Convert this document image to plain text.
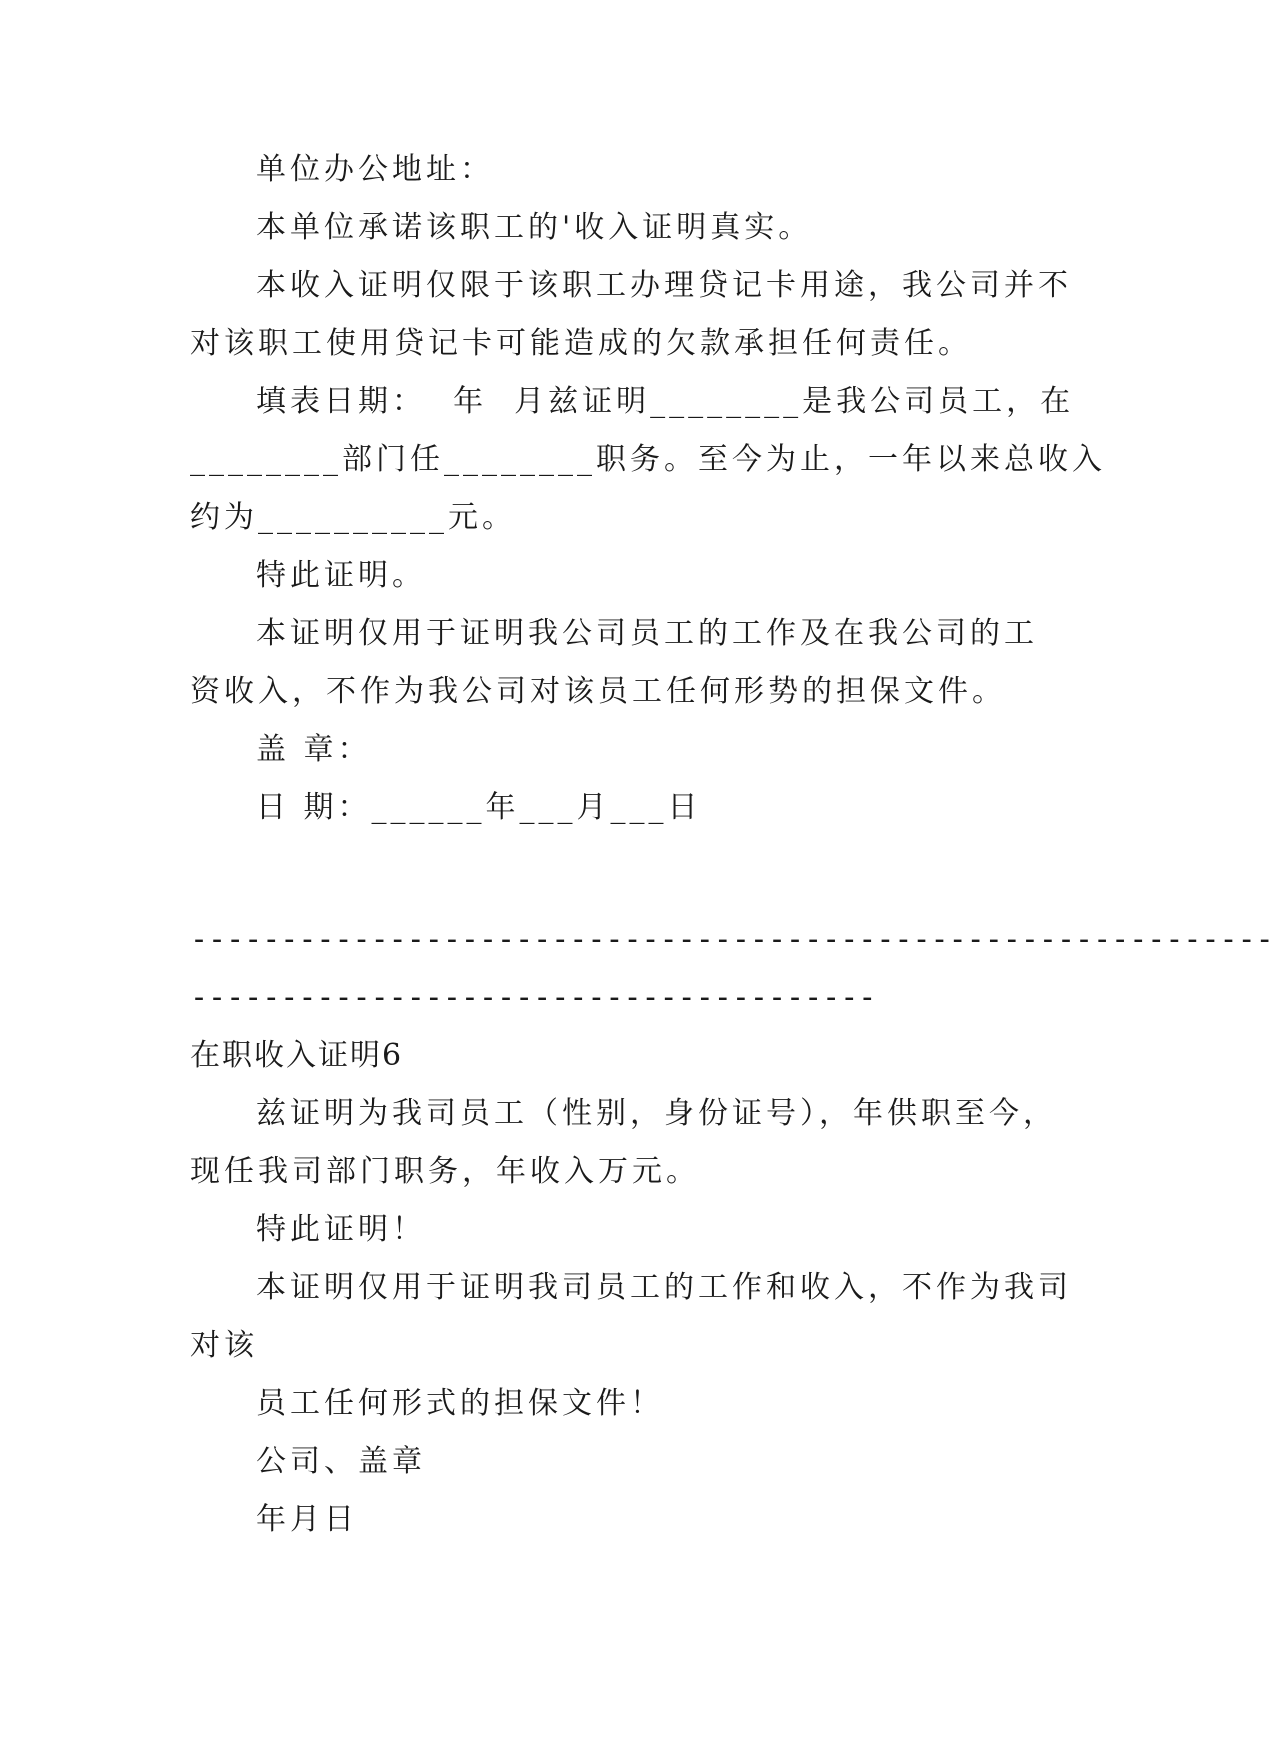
单位办公地址：
本单位承诺该职工的'收入证明真实。
本收入证明仅限于该职工办理贷记卡用途，我公司并不
对该职工使用贷记卡可能造成的欠款承担任何责任。
填表日期：  年  月兹证明________是我公司员工，在
________部门任________职务。至今为止，一年以来总收入
约为__________元。
特此证明。
本证明仅用于证明我公司员工的工作及在我公司的工
资收入，不作为我公司对该员工任何形势的担保文件。
盖 章：
日 期：______年___月___日
------------------------------------------------------------
--------------------------------------
在职收入证明6
兹证明为我司员工（性别，身份证号），年供职至今，
现任我司部门职务，年收入万元。
特此证明！
本证明仅用于证明我司员工的工作和收入，不作为我司
对该
员工任何形式的担保文件！
公司、盖章
年月日
